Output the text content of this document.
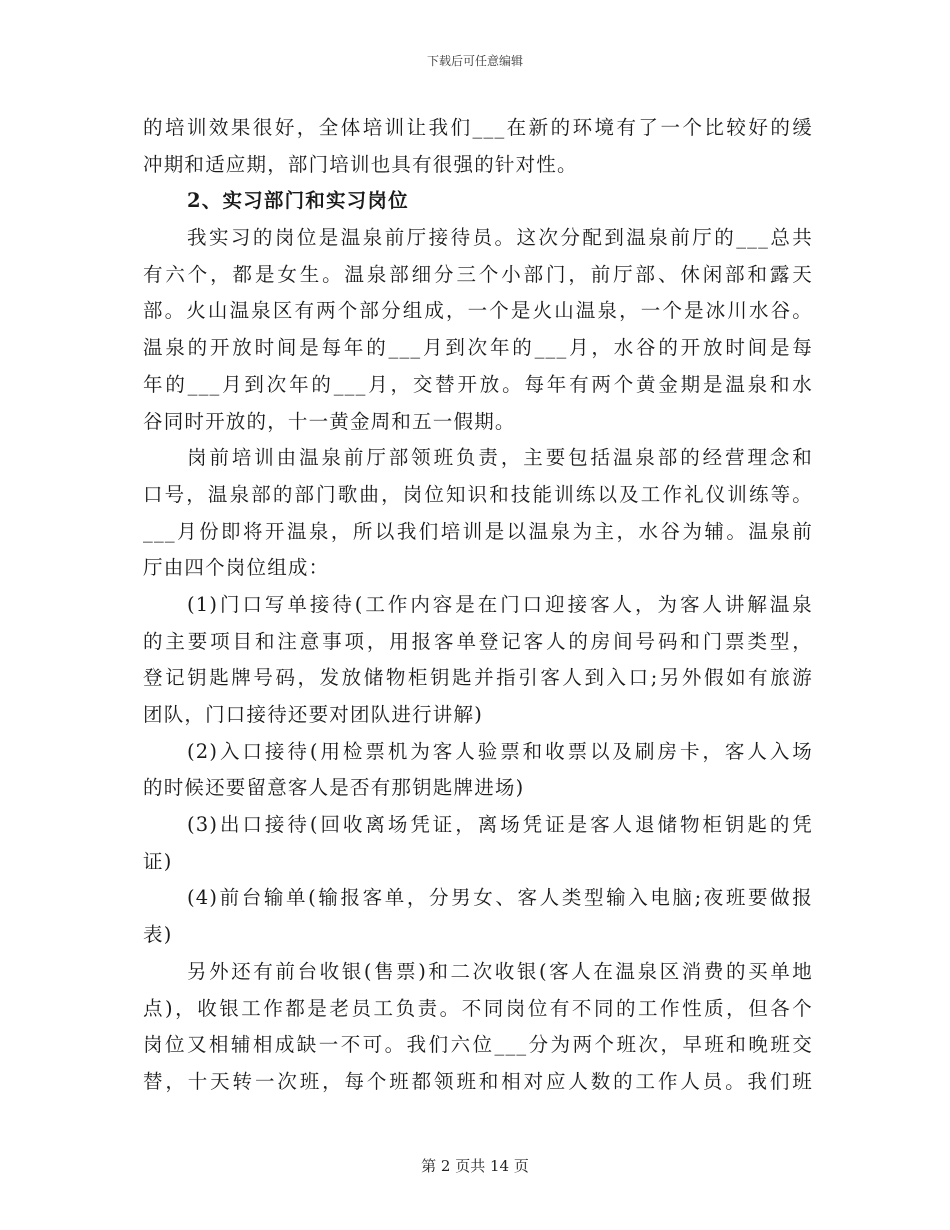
下载后可任意编辑
的培训效果很好，全体培训让我们___在新的环境有了一个比较好的缓
冲期和适应期，部门培训也具有很强的针对性。
2、实习部门和实习岗位
我实习的岗位是温泉前厅接待员。这次分配到温泉前厅的___总共
有六个，都是女生。温泉部细分三个小部门，前厅部、休闲部和露天
部。火山温泉区有两个部分组成，一个是火山温泉，一个是冰川水谷。
温泉的开放时间是每年的___月到次年的___月，水谷的开放时间是每
年的___月到次年的___月，交替开放。每年有两个黄金期是温泉和水
谷同时开放的，十一黄金周和五一假期。
岗前培训由温泉前厅部领班负责，主要包括温泉部的经营理念和
口号，温泉部的部门歌曲，岗位知识和技能训练以及工作礼仪训练等。
___月份即将开温泉，所以我们培训是以温泉为主，水谷为辅。温泉前
厅由四个岗位组成：
(1)门口写单接待(工作内容是在门口迎接客人，为客人讲解温泉
的主要项目和注意事项，用报客单登记客人的房间号码和门票类型，
登记钥匙牌号码，发放储物柜钥匙并指引客人到入口;另外假如有旅游
团队，门口接待还要对团队进行讲解)
(2)入口接待(用检票机为客人验票和收票以及刷房卡，客人入场
的时候还要留意客人是否有那钥匙牌进场)
(3)出口接待(回收离场凭证，离场凭证是客人退储物柜钥匙的凭
证)
(4)前台输单(输报客单，分男女、客人类型输入电脑;夜班要做报
表)
另外还有前台收银(售票)和二次收银(客人在温泉区消费的买单地
点)，收银工作都是老员工负责。不同岗位有不同的工作性质，但各个
岗位又相辅相成缺一不可。我们六位___分为两个班次，早班和晚班交
替，十天转一次班，每个班都领班和相对应人数的工作人员。我们班
第 2 页共 14 页
